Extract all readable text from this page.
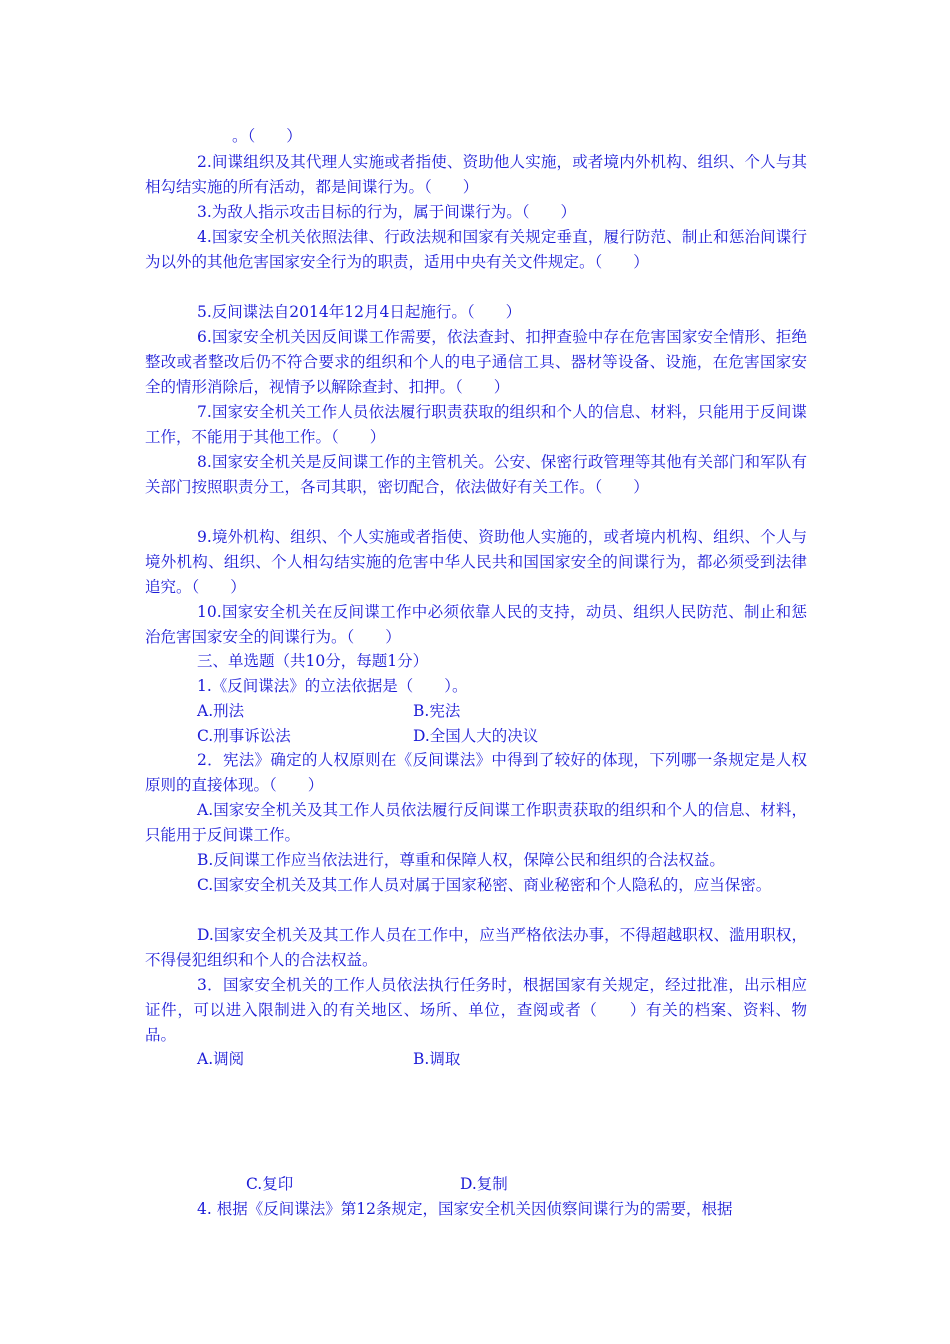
。（　　）

2.间谍组织及其代理人实施或者指使、资助他人实施，或者境内外机构、组织、个人与其相勾结实施的所有活动，都是间谍行为。（　　）

3.为敌人指示攻击目标的行为，属于间谍行为。（　　）

4.国家安全机关依照法律、行政法规和国家有关规定垂直，履行防范、制止和惩治间谍行为以外的其他危害国家安全行为的职责，适用中央有关文件规定。（　　）

5.反间谍法自2014年12月4日起施行。（　　）

6.国家安全机关因反间谍工作需要，依法查封、扣押查验中存在危害国家安全情形、拒绝整改或者整改后仍不符合要求的组织和个人的电子通信工具、器材等设备、设施，在危害国家安全的情形消除后，视情予以解除查封、扣押。（　　）

7.国家安全机关工作人员依法履行职责获取的组织和个人的信息、材料，只能用于反间谍工作，不能用于其他工作。（　　）

8.国家安全机关是反间谍工作的主管机关。公安、保密行政管理等其他有关部门和军队有关部门按照职责分工，各司其职，密切配合，依法做好有关工作。（　　）

9.境外机构、组织、个人实施或者指使、资助他人实施的，或者境内机构、组织、个人与境外机构、组织、个人相勾结实施的危害中华人民共和国国家安全的间谍行为，都必须受到法律追究。（　　）

10.国家安全机关在反间谍工作中必须依靠人民的支持，动员、组织人民防范、制止和惩治危害国家安全的间谍行为。（　　）

三、单选题（共10分，每题1分）

1.《反间谍法》的立法依据是（　　）。

A.刑法	B.宪法

C.刑事诉讼法	D.全国人大的决议

2．宪法》确定的人权原则在《反间谍法》中得到了较好的体现，下列哪一条规定是人权原则的直接体现。（　　）

A.国家安全机关及其工作人员依法履行反间谍工作职责获取的组织和个人的信息、材料，只能用于反间谍工作。

B.反间谍工作应当依法进行，尊重和保障人权，保障公民和组织的合法权益。

C.国家安全机关及其工作人员对属于国家秘密、商业秘密和个人隐私的，应当保密。

D.国家安全机关及其工作人员在工作中，应当严格依法办事，不得超越职权、滥用职权，不得侵犯组织和个人的合法权益。

3．国家安全机关的工作人员依法执行任务时，根据国家有关规定，经过批准，出示相应证件，可以进入限制进入的有关地区、场所、单位，查阅或者（　　）有关的档案、资料、物品。

A.调阅	B.调取

C.复印	D.复制

4. 根据《反间谍法》第12条规定，国家安全机关因侦察间谍行为的需要，根据
